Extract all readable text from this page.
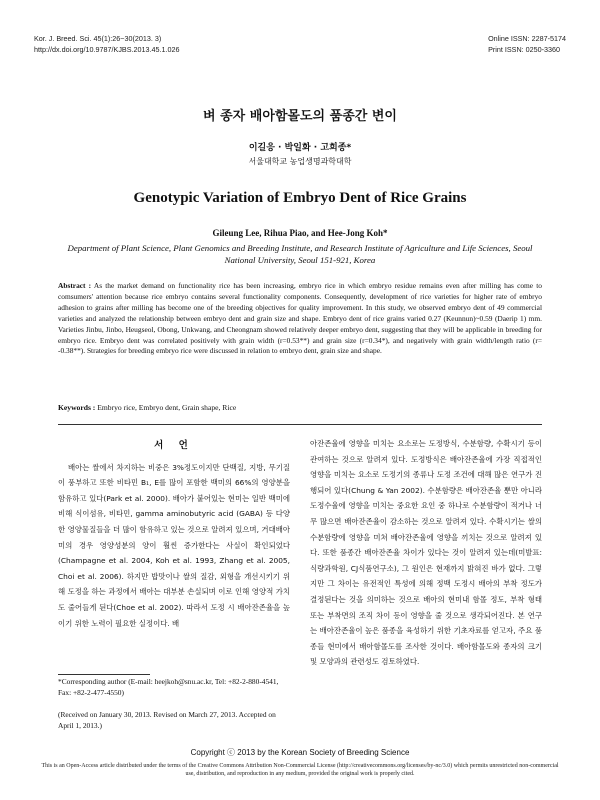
Kor. J. Breed. Sci. 45(1):26~30(2013. 3)
http://dx.doi.org/10.9787/KJBS.2013.45.1.026
Online ISSN: 2287-5174
Print ISSN: 0250-3360
벼 종자 배아함몰도의 품종간 변이
이길응 · 박일화 · 고희종*
서울대학교 농업생명과학대학
Genotypic Variation of Embryo Dent of Rice Grains
Gileung Lee, Rihua Piao, and Hee-Jong Koh*
Department of Plant Science, Plant Genomics and Breeding Institute, and Research Institute of Agriculture and Life Sciences, Seoul National University, Seoul 151-921, Korea
Abstract : As the market demand on functionality rice has been increasing, embryo rice in which embryo residue remains even after milling has come to comsumers' attention because rice embryo contains several functionality components. Consequently, development of rice varieties for higher rate of embryo adhesion to grains after milling has become one of the breeding objectives for quality improvement. In this study, we observed embryo dent of 49 commercial varieties and analyzed the relationship between embryo dent and grain size and shape. Embryo dent of rice grains varied 0.27 (Keunnun)~0.59 (Daerip 1) mm. Varieties Jinbu, Jinbo, Heugseol, Obong, Unkwang, and Cheongnam showed relatively deeper embryo dent, suggesting that they will be applicable in breeding for embryo rice. Embryo dent was correlated positively with grain width (r=0.53**) and grain size (r=0.34*), and negatively with grain width/length ratio (r= -0.38**). Strategies for breeding embryo rice were discussed in relation to embryo dent, grain size and shape.
Keywords : Embryo rice, Embryo dent, Grain shape, Rice
서 언

배아는 쌀에서 차지하는 비중은 3%정도이지만 단백질, 지방, 무기질이 풍부하고 또한 비타민 B₁, E를 많이 포함한 백미의 66%의 영양분을 함유하고 있다(Park et al. 2000). 배아가 붙어있는 현미는 일반 백미에 비해 식이섬유, 비타민, gamma aminobutyric acid (GABA) 등 다양한 영양물질들을 더 많이 함유하고 있는 것으로 알려져 있으며, 거대배아미의 경우 영양성분의 양이 훨씬 증가한다는 사실이 확인되었다(Champagne et al. 2004, Koh et al. 1993, Zhang et al. 2005, Choi et al. 2006). 하지만 밥맛이나 쌀의 질감, 외형을 개선시키기 위해 도정을 하는 과정에서 배아는 대부분 손실되며 이로 인해 영양적 가치도 줄어들게 된다(Choe et al. 2002). 따라서 도정 시 배아잔존율을 높이기 위한 노력이 필요한 실정이다. 배

아잔존율에 영향을 미치는 요소로는 도정방식, 수분함량, 수확시기 등이 관여하는 것으로 알려져 있다. 도정방식은 배아잔존율에 가장 직접적인 영향을 미치는 요소로 도정기의 종류나 도정 조건에 대해 많은 연구가 진행되어 있다(Chung & Yan 2002). 수분함량은 배아잔존율 뿐만 아니라 도정수율에 영향을 미치는 중요한 요인 중 하나로 수분함량이 적거나 너무 많으면 배아잔존율이 감소하는 것으로 알려져 있다. 수확시기는 쌀의 수분함량에 영향을 미쳐 배아잔존율에 영향을 끼치는 것으로 알려져 있다. 또한 품종간 배아잔존율 차이가 있다는 것이 알려져 있는데(미발표: 식량과학원, CJ식품연구소), 그 원인은 현재까지 밝혀진 바가 없다. 그렇지만 그 차이는 유전적인 특성에 의해 정백 도정시 배아의 부착 정도가 결정된다는 것을 의미하는 것으로 배아의 현미내 함몰 정도, 부착 형태 또는 부착면의 조직 차이 등이 영향을 줄 것으로 생각되어진다. 본 연구는 배아잔존율이 높은 품종을 육성하기 위한 기초자료를 얻고자, 주요 품종들 현미에서 배아함몰도를 조사한 것이다. 배아함몰도와 종자의 크기 및 모양과의 관련성도 검토하였다.

*Corresponding author (E-mail: heejkoh@snu.ac.kr, Tel: +82-2-880-4541, Fax: +82-2-477-4550)
(Received on January 30, 2013. Revised on March 27, 2013. Accepted on April 1, 2013.)
Copyright ⓒ 2013 by the Korean Society of Breeding Science
This is an Open-Access article distributed under the terms of the Creative Commons Attribution Non-Commercial License (http://creativecommons.org/licenses/by-nc/3.0) which permits unrestricted non-commercial use, distribution, and reproduction in any medium, provided the original work is properly cited.
